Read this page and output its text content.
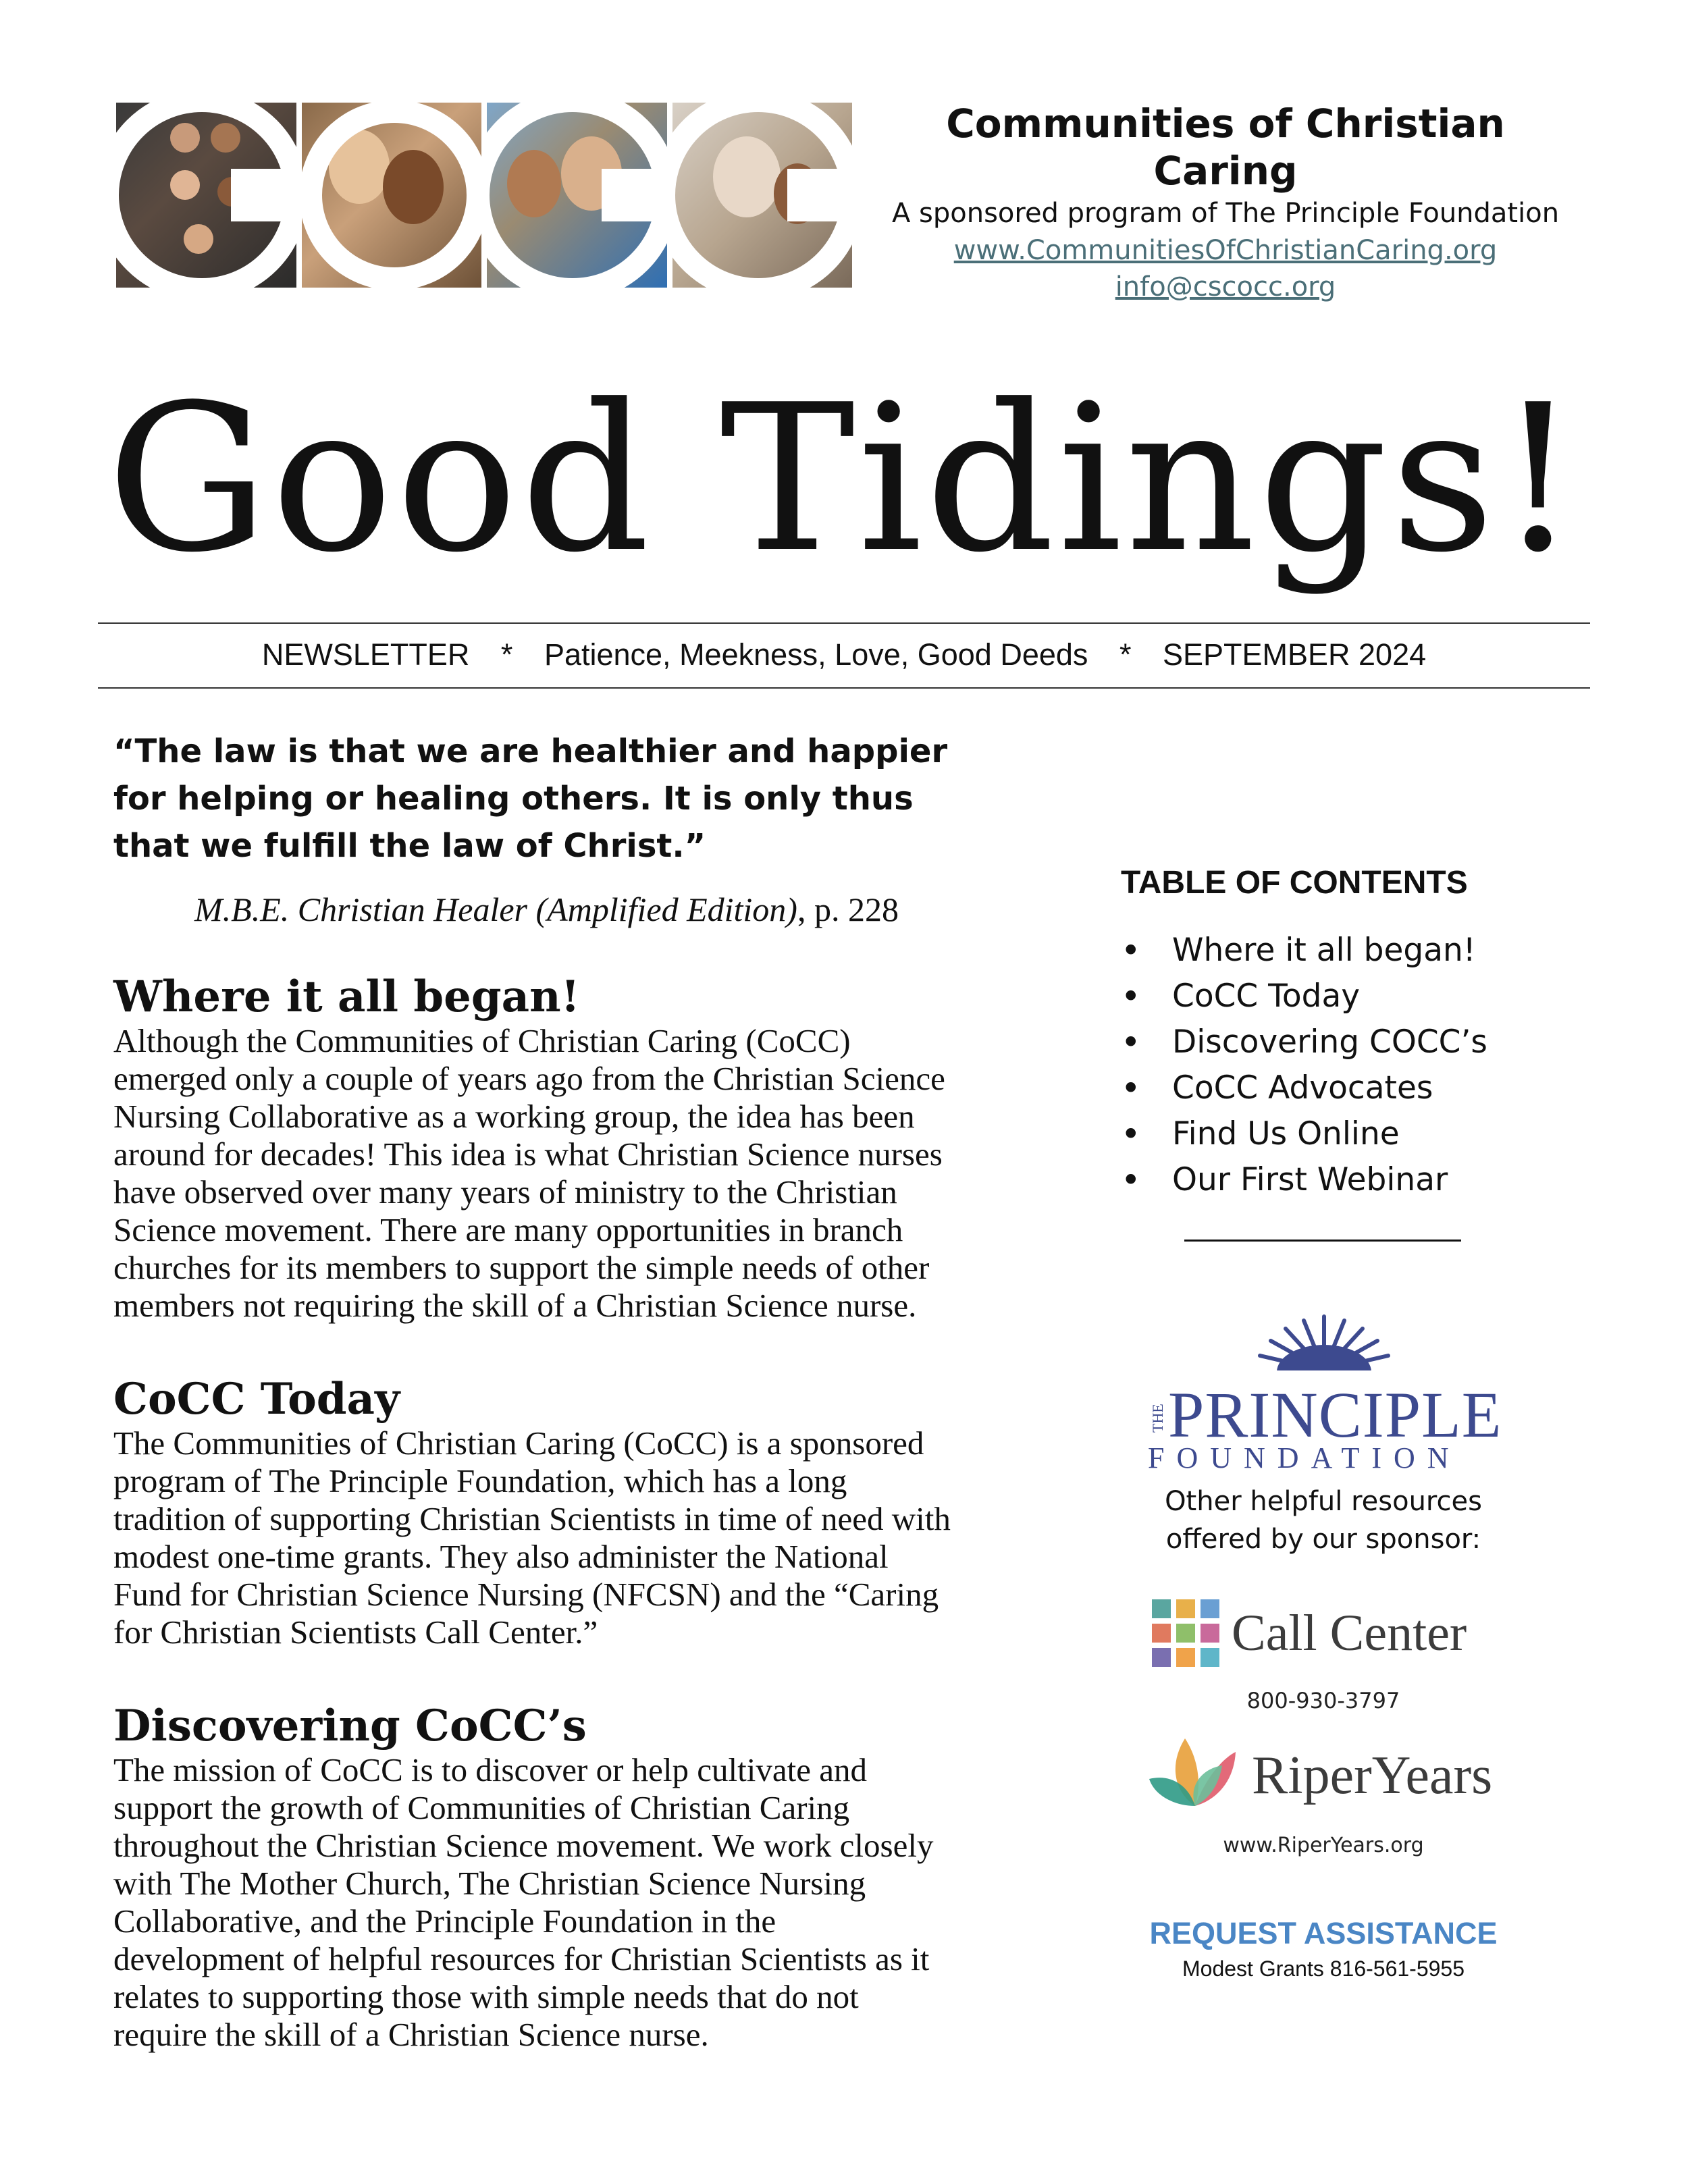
Communities of Christian Caring
A sponsored program of The Principle Foundation
www.CommunitiesOfChristianCaring.org
info@cscocc.org
Good Tidings!
NEWSLETTER * Patience, Meekness, Love, Good Deeds * SEPTEMBER 2024
“The law is that we are healthier and happier for helping or healing others. It is only thus that we fulfill the law of Christ.”
M.B.E. Christian Healer (Amplified Edition), p. 228
Where it all began!

Although the Communities of Christian Caring (CoCC)
emerged only a couple of years ago from the Christian Science
Nursing Collaborative as a working group, the idea has been
around for decades! This idea is what Christian Science nurses
have observed over many years of ministry to the Christian
Science movement. There are many opportunities in branch
churches for its members to support the simple needs of other
members not requiring the skill of a Christian Science nurse.

CoCC Today

The Communities of Christian Caring (CoCC) is a sponsored
program of The Principle Foundation, which has a long
tradition of supporting Christian Scientists in time of need with
modest one-time grants. They also administer the National
Fund for Christian Science Nursing (NFCSN) and the “Caring
for Christian Scientists Call Center.”

Discovering CoCC’s

The mission of CoCC is to discover or help cultivate and
support the growth of Communities of Christian Caring
throughout the Christian Science movement. We work closely
with The Mother Church, The Christian Science Nursing
Collaborative, and the Principle Foundation in the
development of helpful resources for Christian Scientists as it
relates to supporting those with simple needs that do not
require the skill of a Christian Science nurse.

TABLE OF CONTENTS
• Where it all began!
• CoCC Today
• Discovering COCC’s
• CoCC Advocates
• Find Us Online
• Our First Webinar
THE PRINCIPLE
FOUNDATION
Other helpful resources offered by our sponsor:
Call Center
800-930-3797
RiperYears
www.RiperYears.org
REQUEST ASSISTANCE
Modest Grants 816-561-5955
